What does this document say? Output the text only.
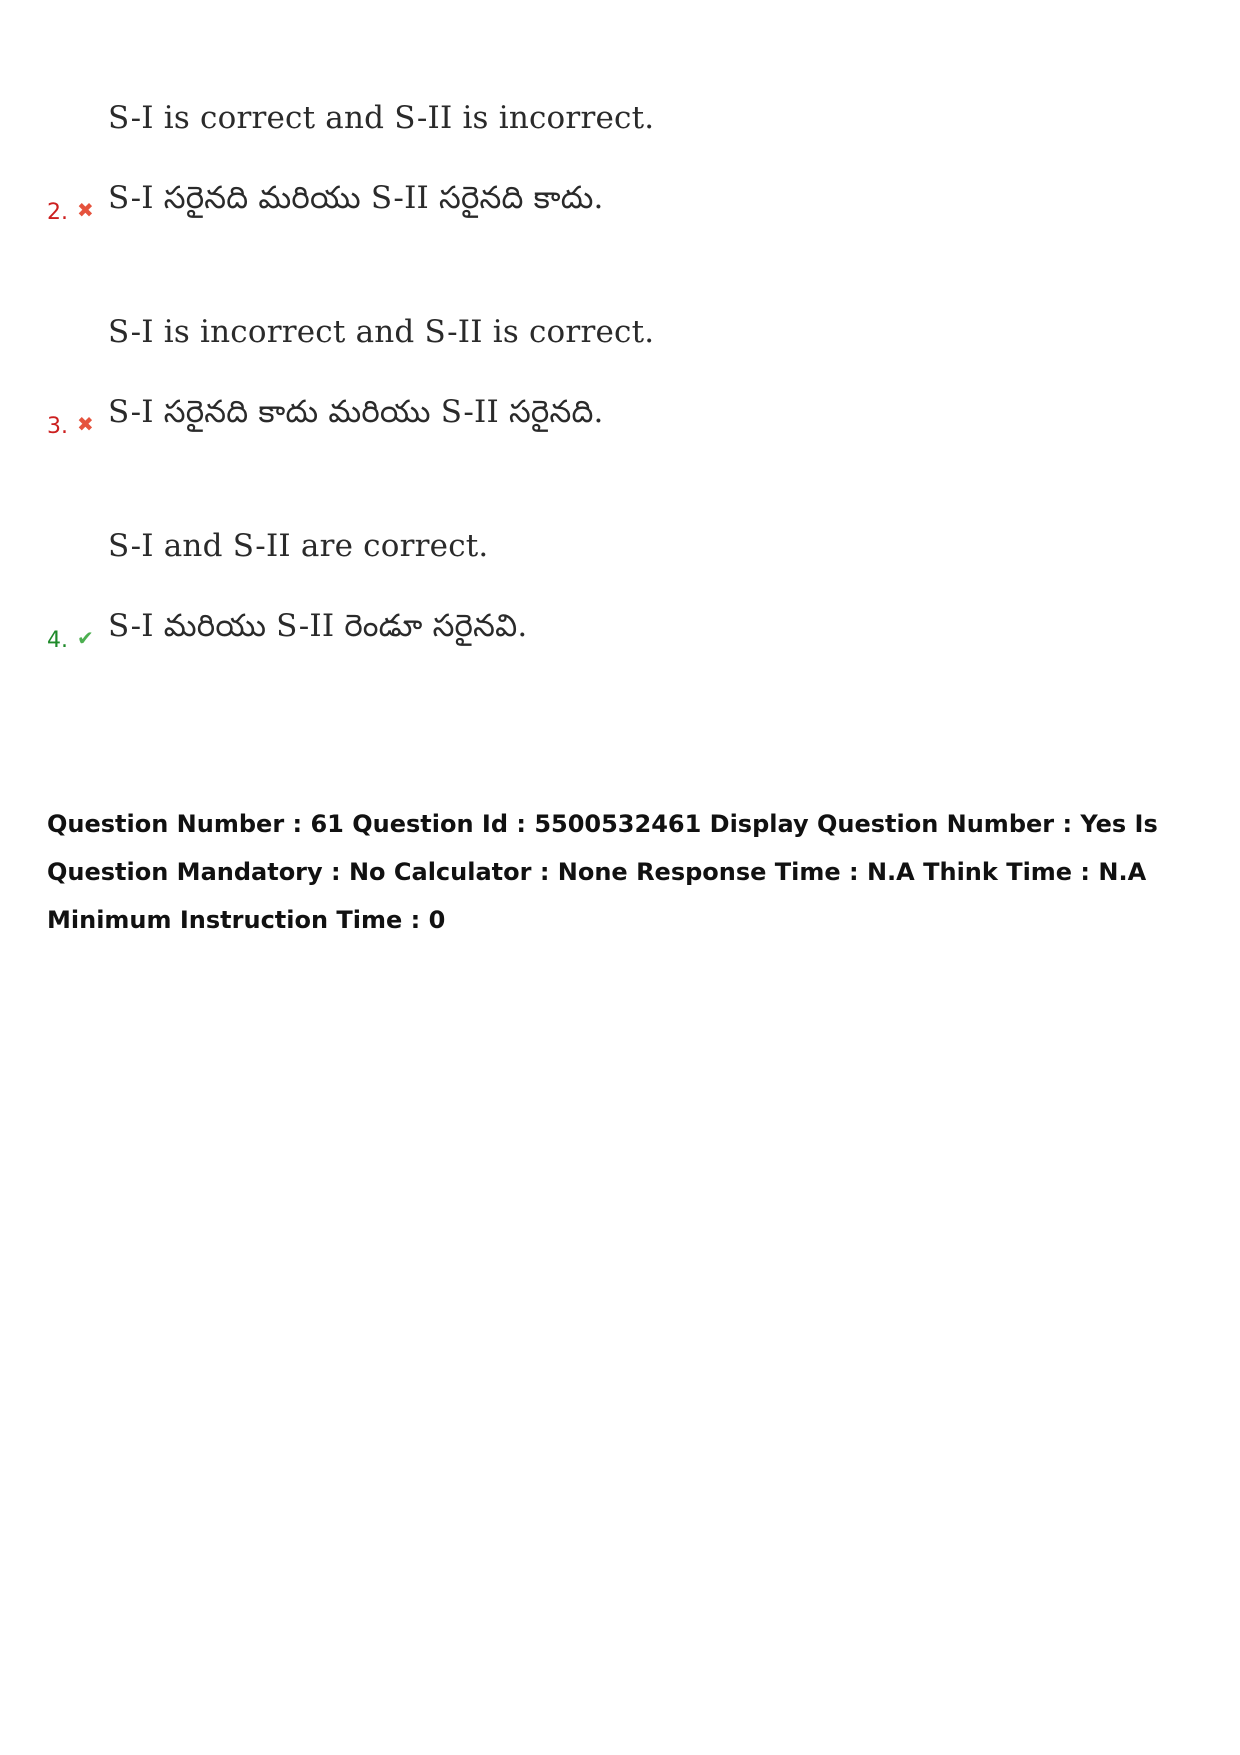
S-I is correct and S-II is incorrect.
S-I సరైనది మరియు S-II సరైనది కాదు.
2. ✖
S-I is incorrect and S-II is correct.
S-I సరైనది కాదు మరియు S-II సరైనది.
3. ✖
S-I and S-II are correct.
S-I మరియు S-II రెండూ సరైనవి.
4. ✔
Question Number : 61 Question Id : 5500532461 Display Question Number : Yes Is Question Mandatory : No Calculator : None Response Time : N.A Think Time : N.A Minimum Instruction Time : 0
